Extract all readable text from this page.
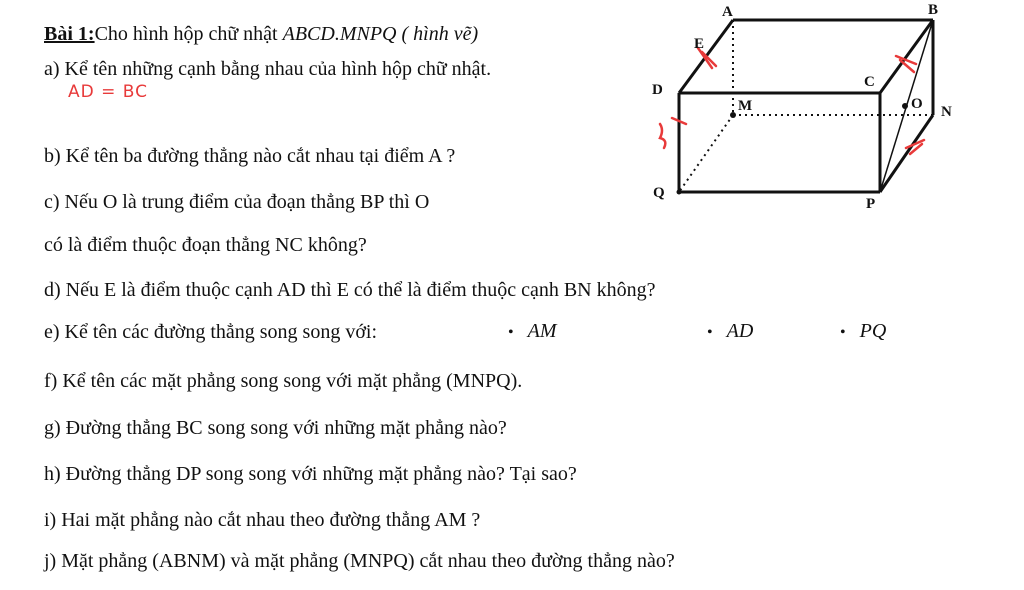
Bài 1:Cho hình hộp chữ nhật ABCD.MNPQ ( hình vẽ)
a) Kể tên những cạnh bằng nhau của hình hộp chữ nhật.
AD = BC
b) Kể tên ba đường thẳng nào cắt nhau tại điểm A ?
c) Nếu O là trung điểm của đoạn thẳng BP thì O
có là điểm thuộc đoạn thẳng NC không?
d) Nếu E là điểm thuộc cạnh AD thì E có thể là điểm thuộc cạnh BN không?
e) Kể tên các đường thẳng song song với:	• AM	• AD	• PQ
f) Kể tên các mặt phẳng song song với mặt phẳng (MNPQ).
g) Đường thẳng BC song song với những mặt phẳng nào?
h) Đường thẳng DP song song với những mặt phẳng nào? Tại sao?
i) Hai mặt phẳng nào cắt nhau theo đường thẳng AM ?
j) Mặt phẳng (ABNM) và mặt phẳng (MNPQ) cắt nhau theo đường thẳng nào?
A	B
C
D
E
M	N
P
Q
O
